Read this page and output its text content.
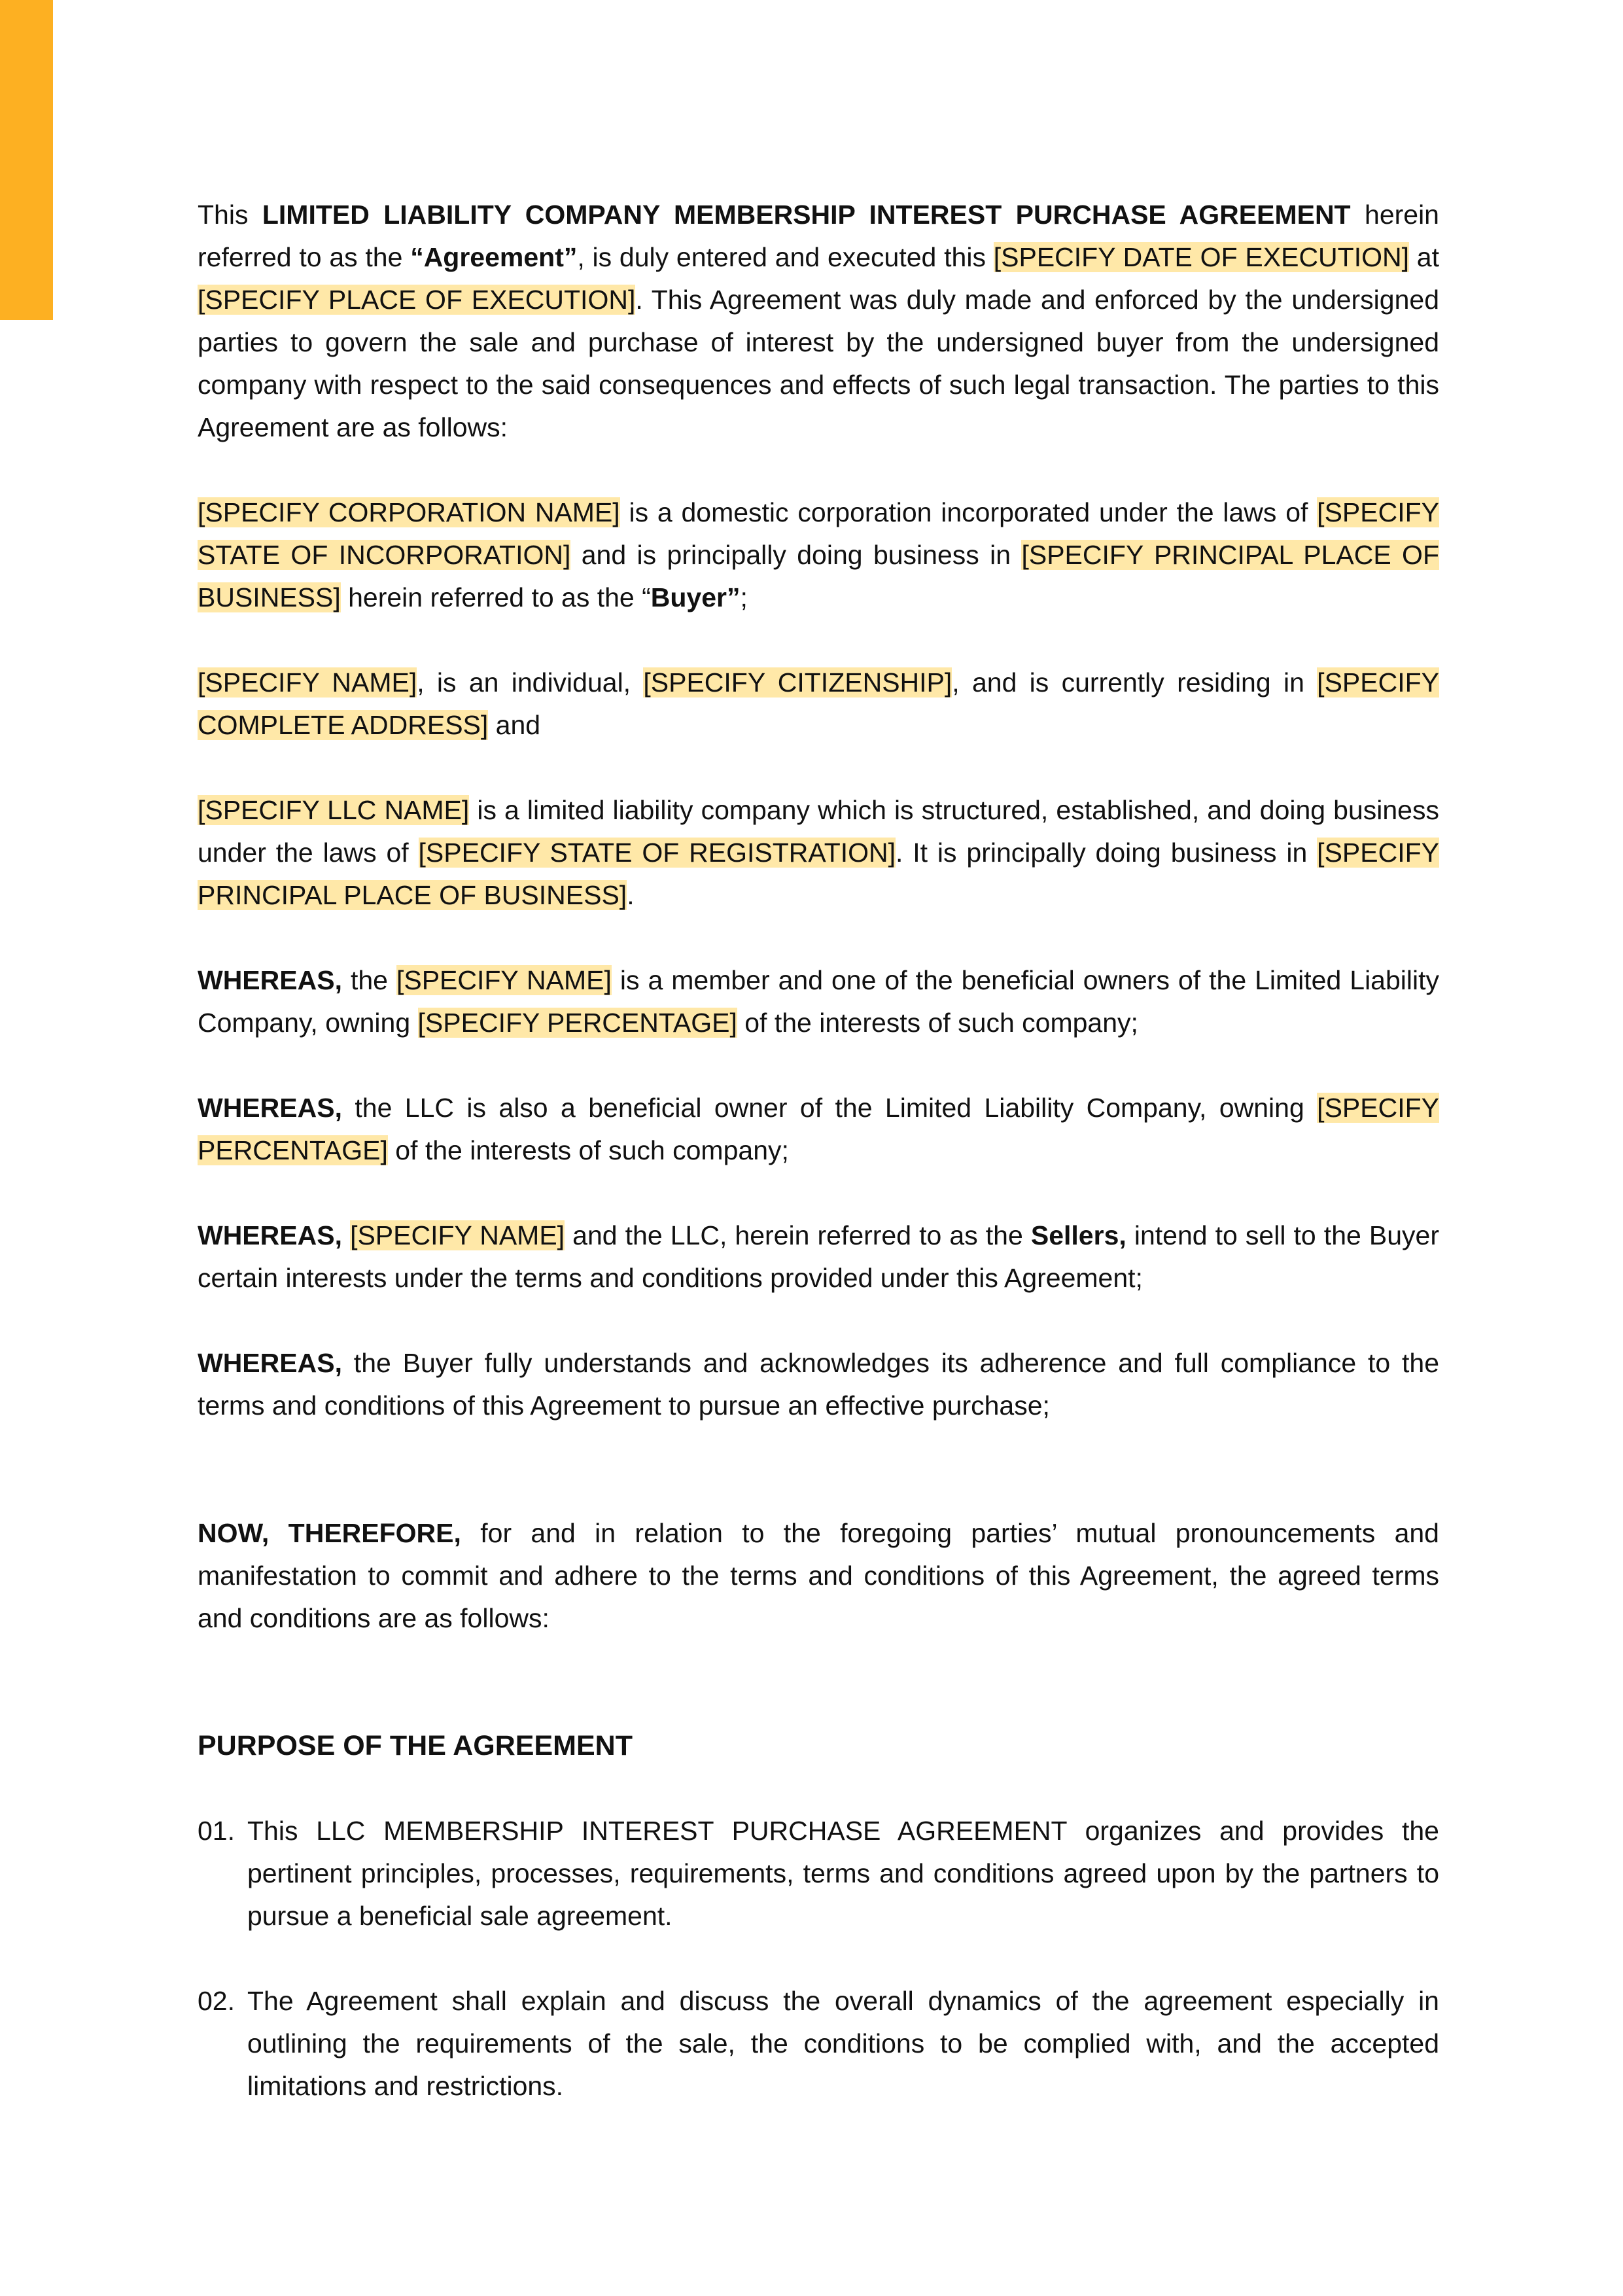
This LIMITED LIABILITY COMPANY MEMBERSHIP INTEREST PURCHASE AGREEMENT herein referred to as the “Agreement”, is duly entered and executed this [SPECIFY DATE OF EXECUTION] at [SPECIFY PLACE OF EXECUTION]. This Agreement was duly made and enforced by the undersigned parties to govern the sale and purchase of interest by the undersigned buyer from the undersigned company with respect to the said consequences and effects of such legal transaction. The parties to this Agreement are as follows:

[SPECIFY CORPORATION NAME] is a domestic corporation incorporated under the laws of [SPECIFY STATE OF INCORPORATION] and is principally doing business in [SPECIFY PRINCIPAL PLACE OF BUSINESS] herein referred to as the “Buyer”;

[SPECIFY NAME], is an individual, [SPECIFY CITIZENSHIP], and is currently residing in [SPECIFY COMPLETE ADDRESS] and

[SPECIFY LLC NAME] is a limited liability company which is structured, established, and doing business under the laws of [SPECIFY STATE OF REGISTRATION]. It is principally doing business in [SPECIFY PRINCIPAL PLACE OF BUSINESS].

WHEREAS, the [SPECIFY NAME] is a member and one of the beneficial owners of the Limited Liability Company, owning [SPECIFY PERCENTAGE] of the interests of such company;

WHEREAS, the LLC is also a beneficial owner of the Limited Liability Company, owning [SPECIFY PERCENTAGE] of the interests of such company;

WHEREAS, [SPECIFY NAME] and the LLC, herein referred to as the Sellers, intend to sell to the Buyer certain interests under the terms and conditions provided under this Agreement;

WHEREAS, the Buyer fully understands and acknowledges its adherence and full compliance to the terms and conditions of this Agreement to pursue an effective purchase;

NOW, THEREFORE, for and in relation to the foregoing parties’ mutual pronouncements and manifestation to commit and adhere to the terms and conditions of this Agreement, the agreed terms and conditions are as follows:

PURPOSE OF THE AGREEMENT

01. This LLC MEMBERSHIP INTEREST PURCHASE AGREEMENT organizes and provides the pertinent principles, processes, requirements, terms and conditions agreed upon by the partners to pursue a beneficial sale agreement.
02. The Agreement shall explain and discuss the overall dynamics of the agreement especially in outlining the requirements of the sale, the conditions to be complied with, and the accepted limitations and restrictions.
